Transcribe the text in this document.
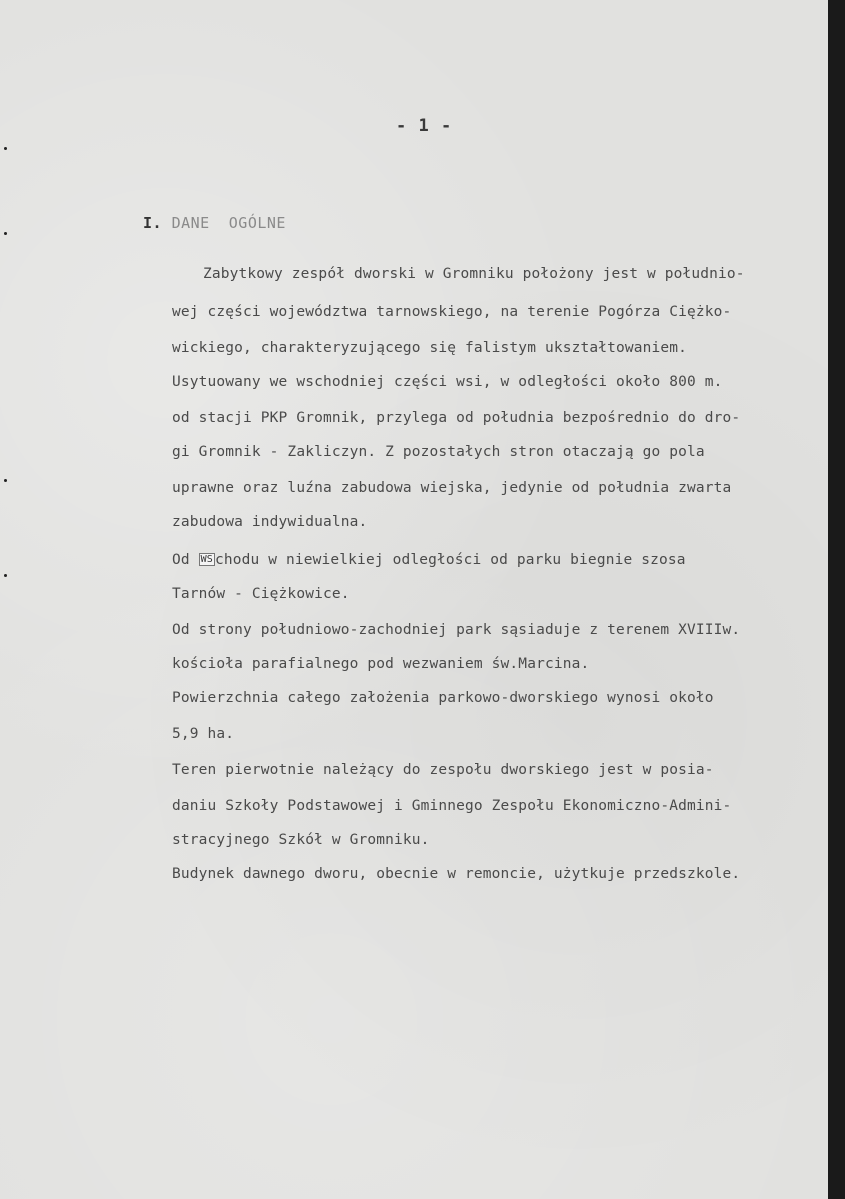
- 1 -
I. DANE  OGÓLNE
Zabytkowy zespół dworski w Gromniku położony jest w południo-
wej części województwa tarnowskiego, na terenie Pogórza Ciężko-
wickiego, charakteryzującego się falistym ukształtowaniem.
Usytuowany we wschodniej części wsi, w odległości około 800 m.
od stacji PKP Gromnik, przylega od południa bezpośrednio do dro-
gi Gromnik - Zakliczyn. Z pozostałych stron otaczają go pola
uprawne oraz luźna zabudowa wiejska, jedynie od południa zwarta
zabudowa indywidualna.
Od WS chodu w niewielkiej odległości od parku biegnie szosa
Tarnów - Ciężkowice.
Od strony południowo-zachodniej park sąsiaduje z terenem XVIIIw.
kościoła parafialnego pod wezwaniem św.Marcina.
Powierzchnia całego założenia parkowo-dworskiego wynosi około
5,9 ha.
Teren pierwotnie należący do zespołu dworskiego jest w posia-
daniu Szkoły Podstawowej i Gminnego Zespołu Ekonomiczno-Admini-
stracyjnego Szkół w Gromniku.
Budynek dawnego dworu, obecnie w remoncie, użytkuje przedszkole.
